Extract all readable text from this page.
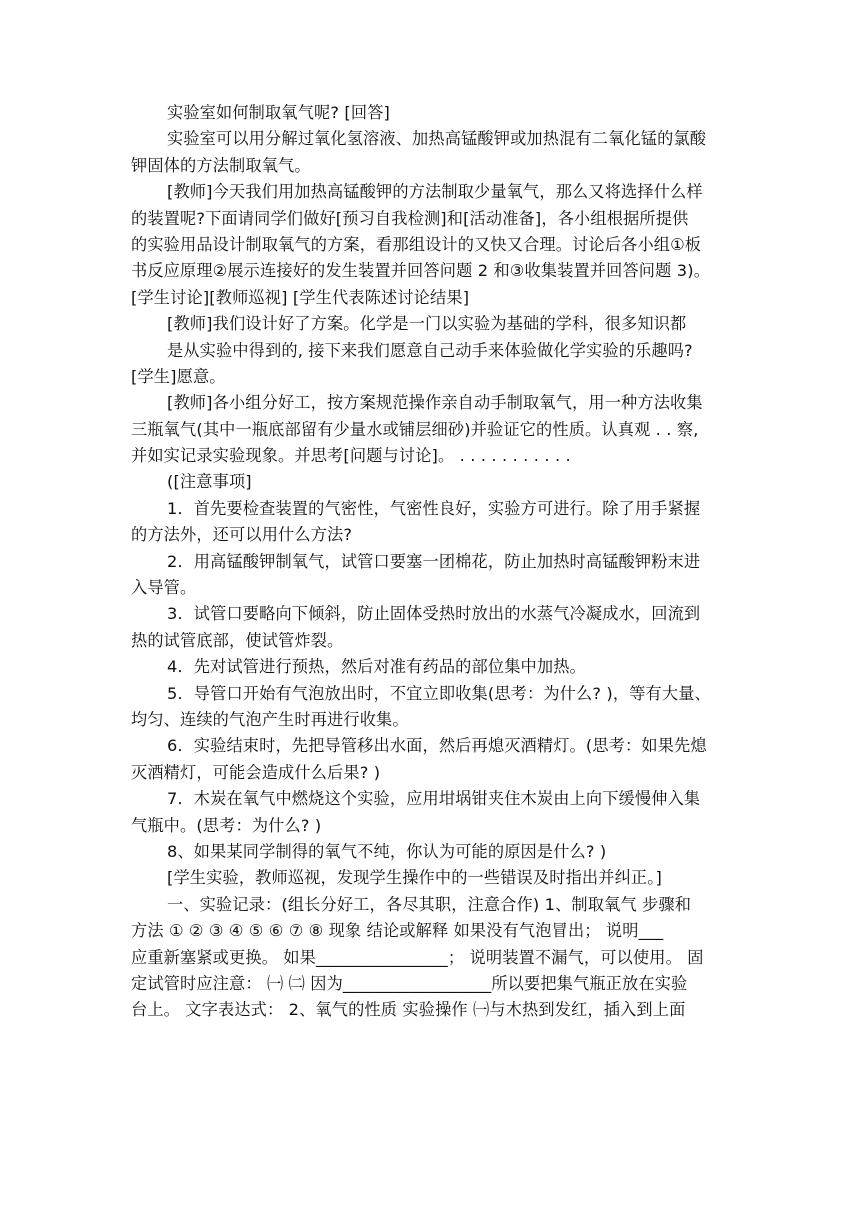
实验室如何制取氧气呢? [回答]
实验室可以用分解过氧化氢溶液、加热高锰酸钾或加热混有二氧化锰的氯酸
钾固体的方法制取氧气。
[教师]今天我们用加热高锰酸钾的方法制取少量氧气，那么又将选择什么样
的装置呢?下面请同学们做好[预习自我检测]和[活动准备]，各小组根据所提供
的实验用品设计制取氧气的方案，看那组设计的又快又合理。讨论后各小组①板
书反应原理②展示连接好的发生装置并回答问题 2 和③收集装置并回答问题 3)。
[学生讨论][教师巡视] [学生代表陈述讨论结果]
[教师]我们设计好了方案。化学是一门以实验为基础的学科，很多知识都
是从实验中得到的, 接下来我们愿意自己动手来体验做化学实验的乐趣吗?
[学生]愿意。
[教师]各小组分好工，按方案规范操作亲自动手制取氧气，用一种方法收集
三瓶氧气(其中一瓶底部留有少量水或铺层细砂)并验证它的性质。认真观 . . 察,
并如实记录实验现象。并思考[问题与讨论]。 . . . . . . . . . . .
([注意事项]
1．首先要检查装置的气密性，气密性良好，实验方可进行。除了用手紧握
的方法外，还可以用什么方法?
2．用高锰酸钾制氧气，试管口要塞一团棉花，防止加热时高锰酸钾粉末进
入导管。
3．试管口要略向下倾斜，防止固体受热时放出的水蒸气冷凝成水，回流到
热的试管底部，使试管炸裂。
4．先对试管进行预热，然后对准有药品的部位集中加热。
5．导管口开始有气泡放出时，不宜立即收集(思考：为什么? )，等有大量、
均匀、连续的气泡产生时再进行收集。
6．实验结束时，先把导管移出水面，然后再熄灭酒精灯。(思考：如果先熄
灭酒精灯，可能会造成什么后果? )
7．木炭在氧气中燃烧这个实验，应用坩埚钳夹住木炭由上向下缓慢伸入集
气瓶中。(思考：为什么? )
8、如果某同学制得的氧气不纯，你认为可能的原因是什么? )
[学生实验，教师巡视，发现学生操作中的一些错误及时指出并纠正。]
一、实验记录：(组长分好工，各尽其职，注意合作) 1、制取氧气 步骤和
方法 ① ② ③ ④ ⑤ ⑥ ⑦ ⑧ 现象 结论或解释 如果没有气泡冒出； 说明___
应重新塞紧或更换。 如果________________； 说明装置不漏气，可以使用。 固
定试管时应注意： ㈠ ㈡ 因为__________________所以要把集气瓶正放在实验
台上。 文字表达式： 2、氧气的性质 实验操作 ㈠与木热到发红，插入到上面
